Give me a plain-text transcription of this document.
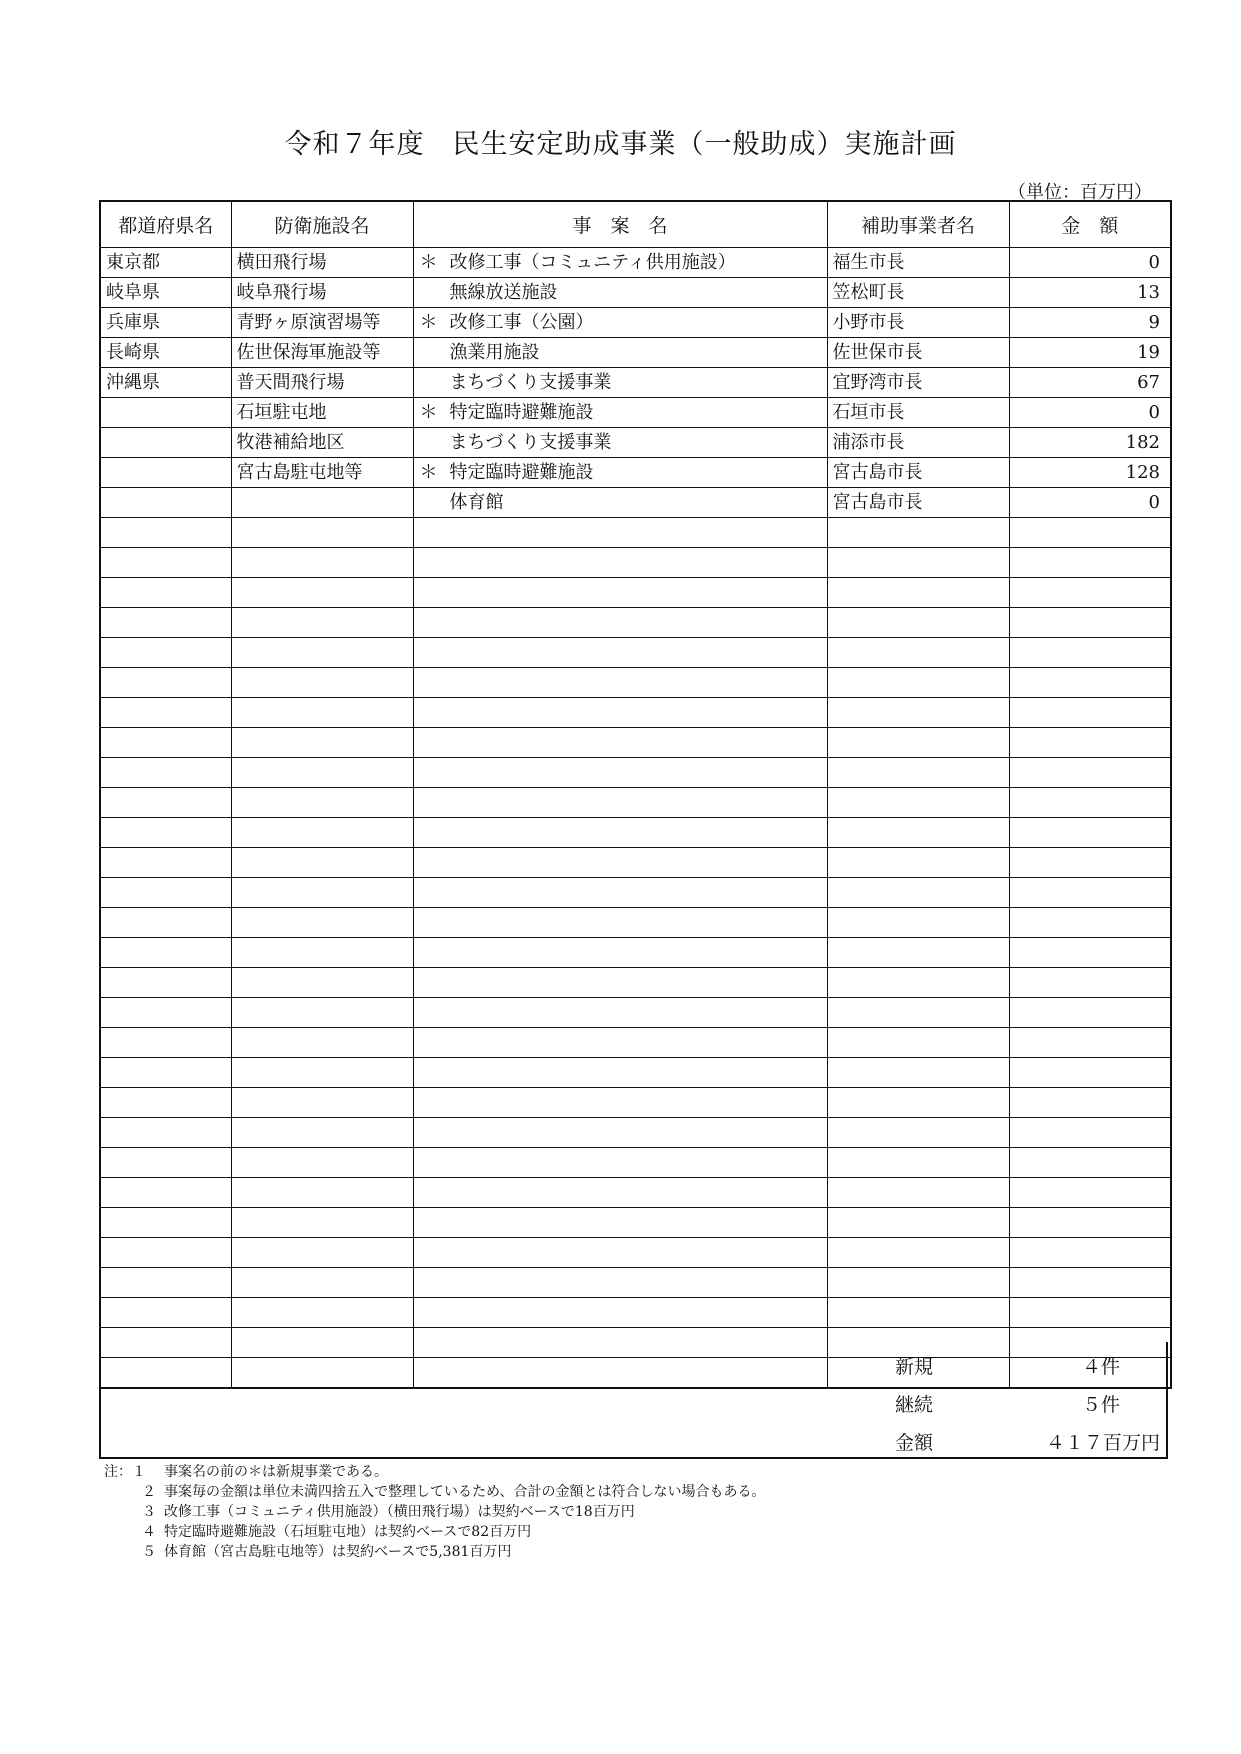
令和７年度　民生安定助成事業（一般助成）実施計画
（単位：百万円）
都道府県名	防衛施設名	事　案　名	補助事業者名	金　額
東京都	横田飛行場	＊ 改修工事（コミュニティ供用施設）	福生市長	0
岐阜県	岐阜飛行場	無線放送施設	笠松町長	13
兵庫県	青野ヶ原演習場等	＊ 改修工事（公園）	小野市長	9
長崎県	佐世保海軍施設等	漁業用施設	佐世保市長	19
沖縄県	普天間飛行場	まちづくり支援事業	宜野湾市長	67
	石垣駐屯地	＊ 特定臨時避難施設	石垣市長	0
	牧港補給地区	まちづくり支援事業	浦添市長	182
	宮古島駐屯地等	＊ 特定臨時避難施設	宮古島市長	128
		体育館	宮古島市長	0

新規	４件
継続	５件
金額	４１７百万円
注：１	事案名の前の＊は新規事業である。
２ 事案毎の金額は単位未満四捨五入で整理しているため、合計の金額とは符合しない場合もある。
３ 改修工事（コミュニティ供用施設）（横田飛行場）は契約ベースで18百万円
４ 特定臨時避難施設（石垣駐屯地）は契約ベースで82百万円
５ 体育館（宮古島駐屯地等）は契約ベースで5,381百万円
